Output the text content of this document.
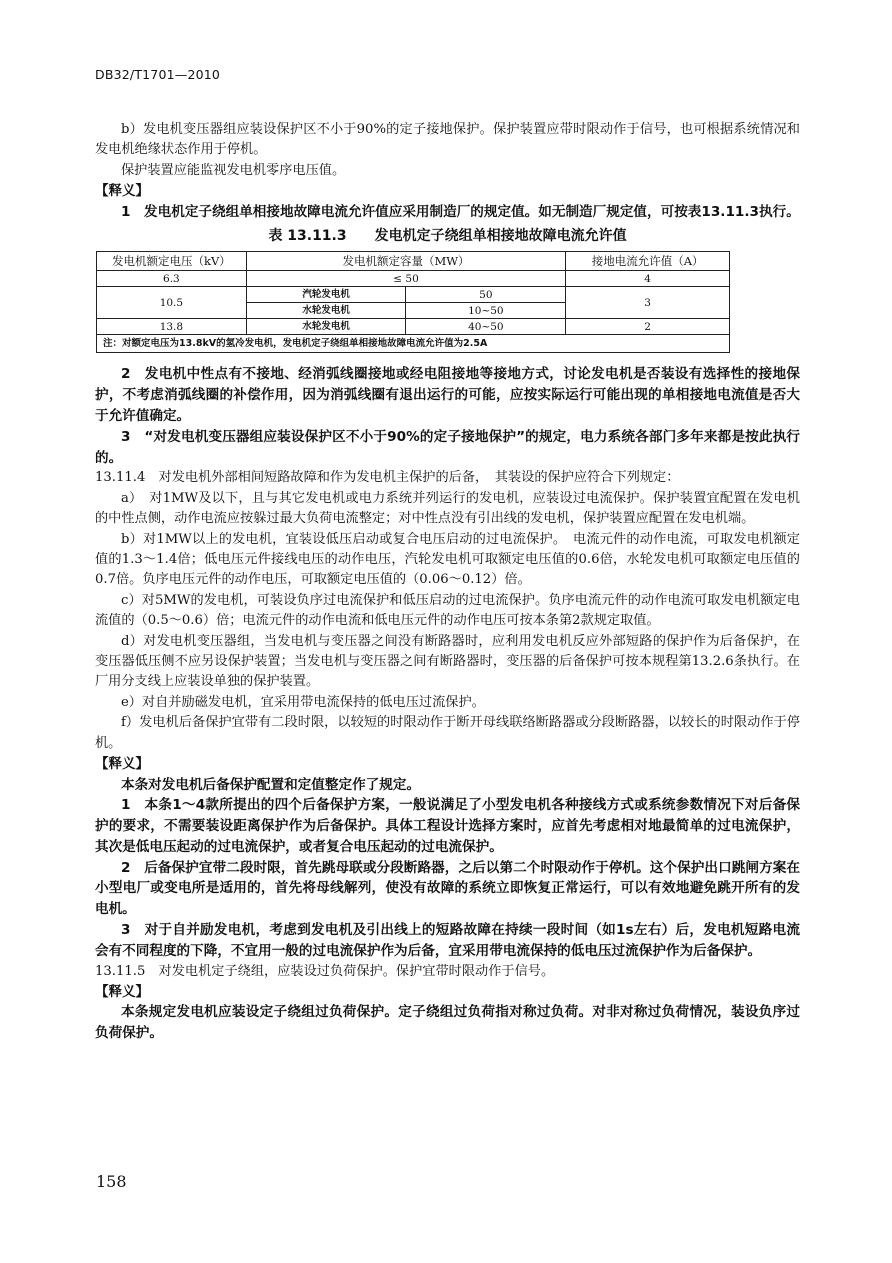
DB32/T1701—2010

b）发电机变压器组应装设保护区不小于90%的定子接地保护。保护装置应带时限动作于信号，也可根据系统情况和发电机绝缘状态作用于停机。

保护装置应能监视发电机零序电压值。

【释义】

1　发电机定子绕组单相接地故障电流允许值应采用制造厂的规定值。如无制造厂规定值，可按表13.11.3执行。

表 13.11.3　　发电机定子绕组单相接地故障电流允许值
发电机额定电压（kV）	发电机额定容量（MW）		接地电流允许值（A）
6.3	≤ 50		4
10.5	汽轮发电机	50	3
	水轮发电机	10~50	
13.8	水轮发电机	40~50	2
注：对额定电压为13.8kV的氢冷发电机，发电机定子绕组单相接地故障电流允许值为2.5A			

2　发电机中性点有不接地、经消弧线圈接地或经电阻接地等接地方式，讨论发电机是否装设有选择性的接地保护，不考虑消弧线圈的补偿作用，因为消弧线圈有退出运行的可能，应按实际运行可能出现的单相接地电流值是否大于允许值确定。

3　“对发电机变压器组应装设保护区不小于90%的定子接地保护”的规定，电力系统各部门多年来都是按此执行的。

13.11.4　对发电机外部相间短路故障和作为发电机主保护的后备，　其装设的保护应符合下列规定：

a）　对1MW及以下，且与其它发电机或电力系统并列运行的发电机，应装设过电流保护。保护装置宜配置在发电机的中性点侧，动作电流应按躲过最大负荷电流整定；对中性点没有引出线的发电机，保护装置应配置在发电机端。

b）对1MW以上的发电机，宜装设低压启动或复合电压启动的过电流保护。　电流元件的动作电流，可取发电机额定值的1.3～1.4倍；低电压元件接线电压的动作电压，汽轮发电机可取额定电压值的0.6倍，水轮发电机可取额定电压值的0.7倍。负序电压元件的动作电压，可取额定电压值的（0.06～0.12）倍。

c）对5MW的发电机，可装设负序过电流保护和低压启动的过电流保护。负序电流元件的动作电流可取发电机额定电流值的（0.5～0.6）倍；电流元件的动作电流和低电压元件的动作电压可按本条第2款规定取值。

d）对发电机变压器组，当发电机与变压器之间没有断路器时，应利用发电机反应外部短路的保护作为后备保护，在变压器低压侧不应另设保护装置；当发电机与变压器之间有断路器时，变压器的后备保护可按本规程第13.2.6条执行。在厂用分支线上应装设单独的保护装置。

e）对自并励磁发电机，宜采用带电流保持的低电压过流保护。

f）发电机后备保护宜带有二段时限，以较短的时限动作于断开母线联络断路器或分段断路器，以较长的时限动作于停机。

【释义】

本条对发电机后备保护配置和定值整定作了规定。

1　本条1～4款所提出的四个后备保护方案，一般说满足了小型发电机各种接线方式或系统参数情况下对后备保护的要求，不需要装设距离保护作为后备保护。具体工程设计选择方案时，应首先考虑相对地最简单的过电流保护，其次是低电压起动的过电流保护，或者复合电压起动的过电流保护。

2　后备保护宜带二段时限，首先跳母联或分段断路器，之后以第二个时限动作于停机。这个保护出口跳闸方案在小型电厂或变电所是适用的，首先将母线解列，使没有故障的系统立即恢复正常运行，可以有效地避免跳开所有的发电机。

3　对于自并励发电机，考虑到发电机及引出线上的短路故障在持续一段时间（如1s左右）后，发电机短路电流会有不同程度的下降，不宜用一般的过电流保护作为后备，宜采用带电流保持的低电压过流保护作为后备保护。

13.11.5　对发电机定子绕组，应装设过负荷保护。保护宜带时限动作于信号。

【释义】

本条规定发电机应装设定子绕组过负荷保护。定子绕组过负荷指对称过负荷。对非对称过负荷情况，装设负序过负荷保护。

158
